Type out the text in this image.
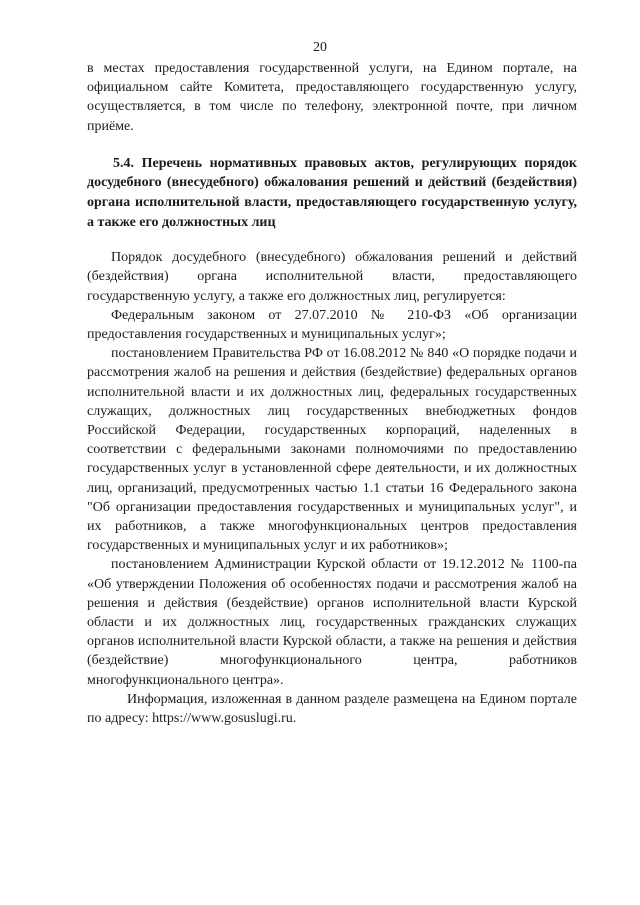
20

в местах предоставления государственной услуги, на Едином портале, на официальном сайте Комитета, предоставляющего государственную услугу, осуществляется, в том числе по телефону, электронной почте, при личном приёме.

5.4. Перечень нормативных правовых актов, регулирующих порядок досудебного (внесудебного) обжалования решений и действий (бездействия) органа исполнительной власти, предоставляющего государственную услугу, а также его должностных лиц

Порядок досудебного (внесудебного) обжалования решений и действий (бездействия) органа исполнительной власти, предоставляющего государственную услугу, а также его должностных лиц, регулируется:

Федеральным законом от 27.07.2010 № 210-ФЗ «Об организации предоставления государственных и муниципальных услуг»;

постановлением Правительства РФ от 16.08.2012 № 840 «О порядке подачи и рассмотрения жалоб на решения и действия (бездействие) федеральных органов исполнительной власти и их должностных лиц, федеральных государственных служащих, должностных лиц государственных внебюджетных фондов Российской Федерации, государственных корпораций, наделенных в соответствии с федеральными законами полномочиями по предоставлению государственных услуг в установленной сфере деятельности, и их должностных лиц, организаций, предусмотренных частью 1.1 статьи 16 Федерального закона "Об организации предоставления государственных и муниципальных услуг", и их работников, а также многофункциональных центров предоставления государственных и муниципальных услуг и их работников»;

постановлением Администрации Курской области от 19.12.2012 № 1100-па «Об утверждении Положения об особенностях подачи и рассмотрения жалоб на решения и действия (бездействие) органов исполнительной власти Курской области и их должностных лиц, государственных гражданских служащих органов исполнительной власти Курской области, а также на решения и действия (бездействие) многофункционального центра, работников многофункционального центра».

Информация, изложенная в данном разделе размещена на Едином портале по адресу: https://www.gosuslugi.ru.
